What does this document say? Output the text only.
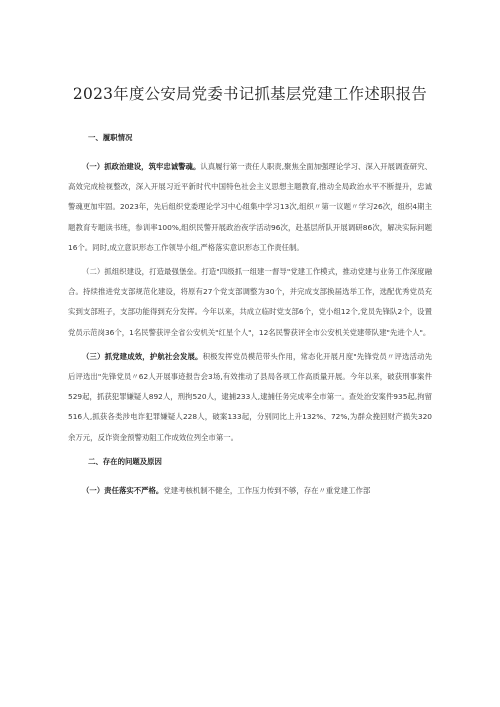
2023年度公安局党委书记抓基层党建工作述职报告
一、履职情况

（一）抓政治建设，筑牢忠诚警魂。认真履行第一责任人职责,聚焦全面加强理论学习、深入开展调查研究、高效完成检视整改，深入开展习近平新时代中国特色社会主义思想主题教育,推动全局政治水平不断提升，忠诚警魂更加牢固。2023年，先后组织党委理论学习中心组集中学习13次,组织〃第一议题〃学习26次，组织4期主题教育专题读书班，参训率100%,组织民警开展政治夜学活动96次，赴基层所队开展调研86次，解决实际问题16个。同时,成立意识形态工作领导小组,严格落实意识形态工作责任制。

（二）抓组织建设，打造最强堡垒。打造"四级抓一组建一督导"党建工作模式，推动党建与业务工作深度融合。持续推进党支部规范化建设，将原有27个党支部调整为30个，并完成支部换届选举工作，选配优秀党员充实到支部班子，支部功能得到充分发挥。今年以来，共成立临时党支部6个，党小组12个,党员先锋队2个，设置党员示范岗36个，1名民警获评全省公安机关"红星个人"，12名民警获评全市公安机关党建带队建"先进个人"。

（三）抓党建成效，护航社会发展。积极发挥党员模范带头作用，常态化开展月度"先锋党员〃评选活动先后评选出"先锋党员〃62人开展事迹报告会3场,有效推动了县局各项工作高质量开展。今年以来，破获刑事案件529起，抓获犯罪嫌疑人892人，刑拘520人，逮捕233人,逮捕任务完成率全市第一。查处治安案件935起,拘留516人,抓获各类涉电诈犯罪嫌疑人228人，破案133起，分别同比上升132%、72%,为群众挽回财产损失320余万元，反诈资金预警劝阻工作成效位列全市第一。

二、存在的问题及原因

（一）责任落实不严格。党建考核机制不健全，工作压力传到不够，存在〃重党建工作部
